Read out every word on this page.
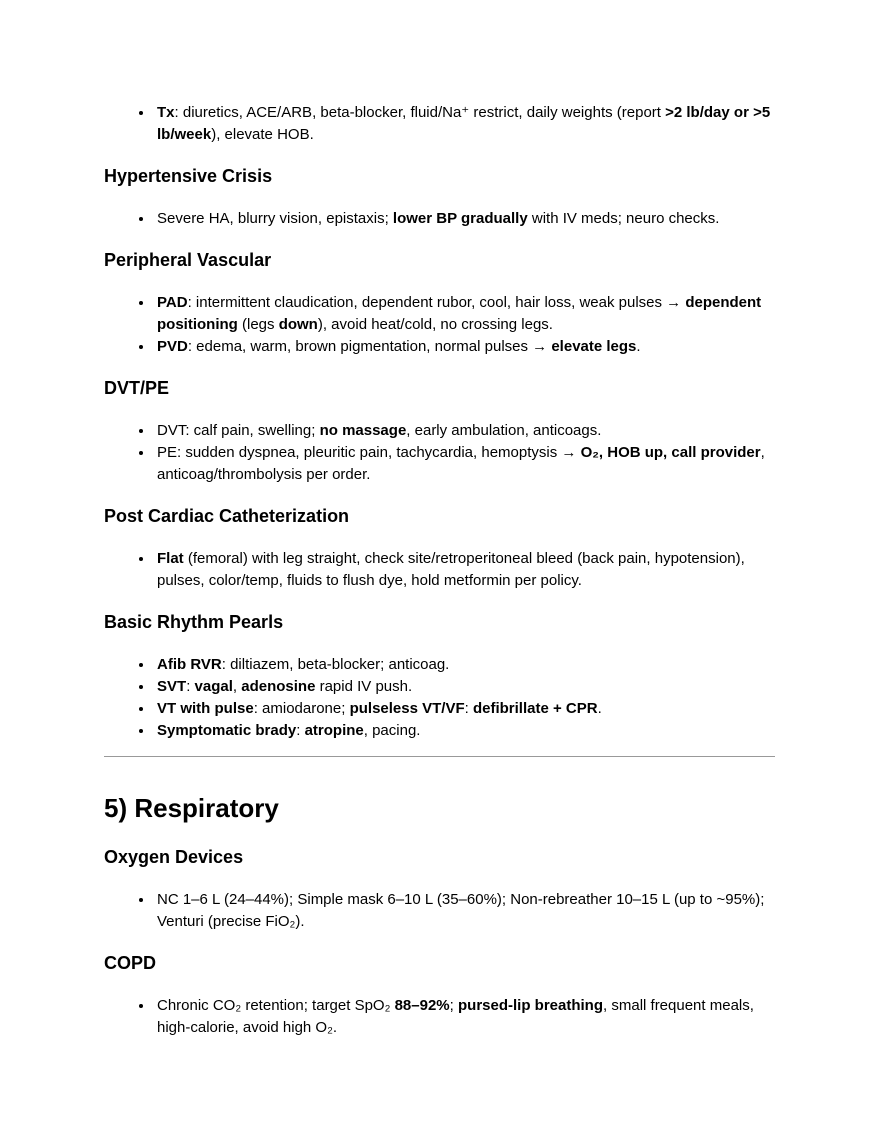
• Tx: diuretics, ACE/ARB, beta-blocker, fluid/Na⁺ restrict, daily weights (report >2 lb/day or >5 lb/week), elevate HOB.
Hypertensive Crisis
• Severe HA, blurry vision, epistaxis; lower BP gradually with IV meds; neuro checks.
Peripheral Vascular
• PAD: intermittent claudication, dependent rubor, cool, hair loss, weak pulses → dependent positioning (legs down), avoid heat/cold, no crossing legs.
• PVD: edema, warm, brown pigmentation, normal pulses → elevate legs.
DVT/PE
• DVT: calf pain, swelling; no massage, early ambulation, anticoags.
• PE: sudden dyspnea, pleuritic pain, tachycardia, hemoptysis → O₂, HOB up, call provider, anticoag/thrombolysis per order.
Post Cardiac Catheterization
• Flat (femoral) with leg straight, check site/retroperitoneal bleed (back pain, hypotension), pulses, color/temp, fluids to flush dye, hold metformin per policy.
Basic Rhythm Pearls
• Afib RVR: diltiazem, beta-blocker; anticoag.
• SVT: vagal, adenosine rapid IV push.
• VT with pulse: amiodarone; pulseless VT/VF: defibrillate + CPR.
• Symptomatic brady: atropine, pacing.
5) Respiratory
Oxygen Devices
• NC 1–6 L (24–44%); Simple mask 6–10 L (35–60%); Non-rebreather 10–15 L (up to ~95%); Venturi (precise FiO₂).
COPD
• Chronic CO₂ retention; target SpO₂ 88–92%; pursed-lip breathing, small frequent meals, high-calorie, avoid high O₂.
